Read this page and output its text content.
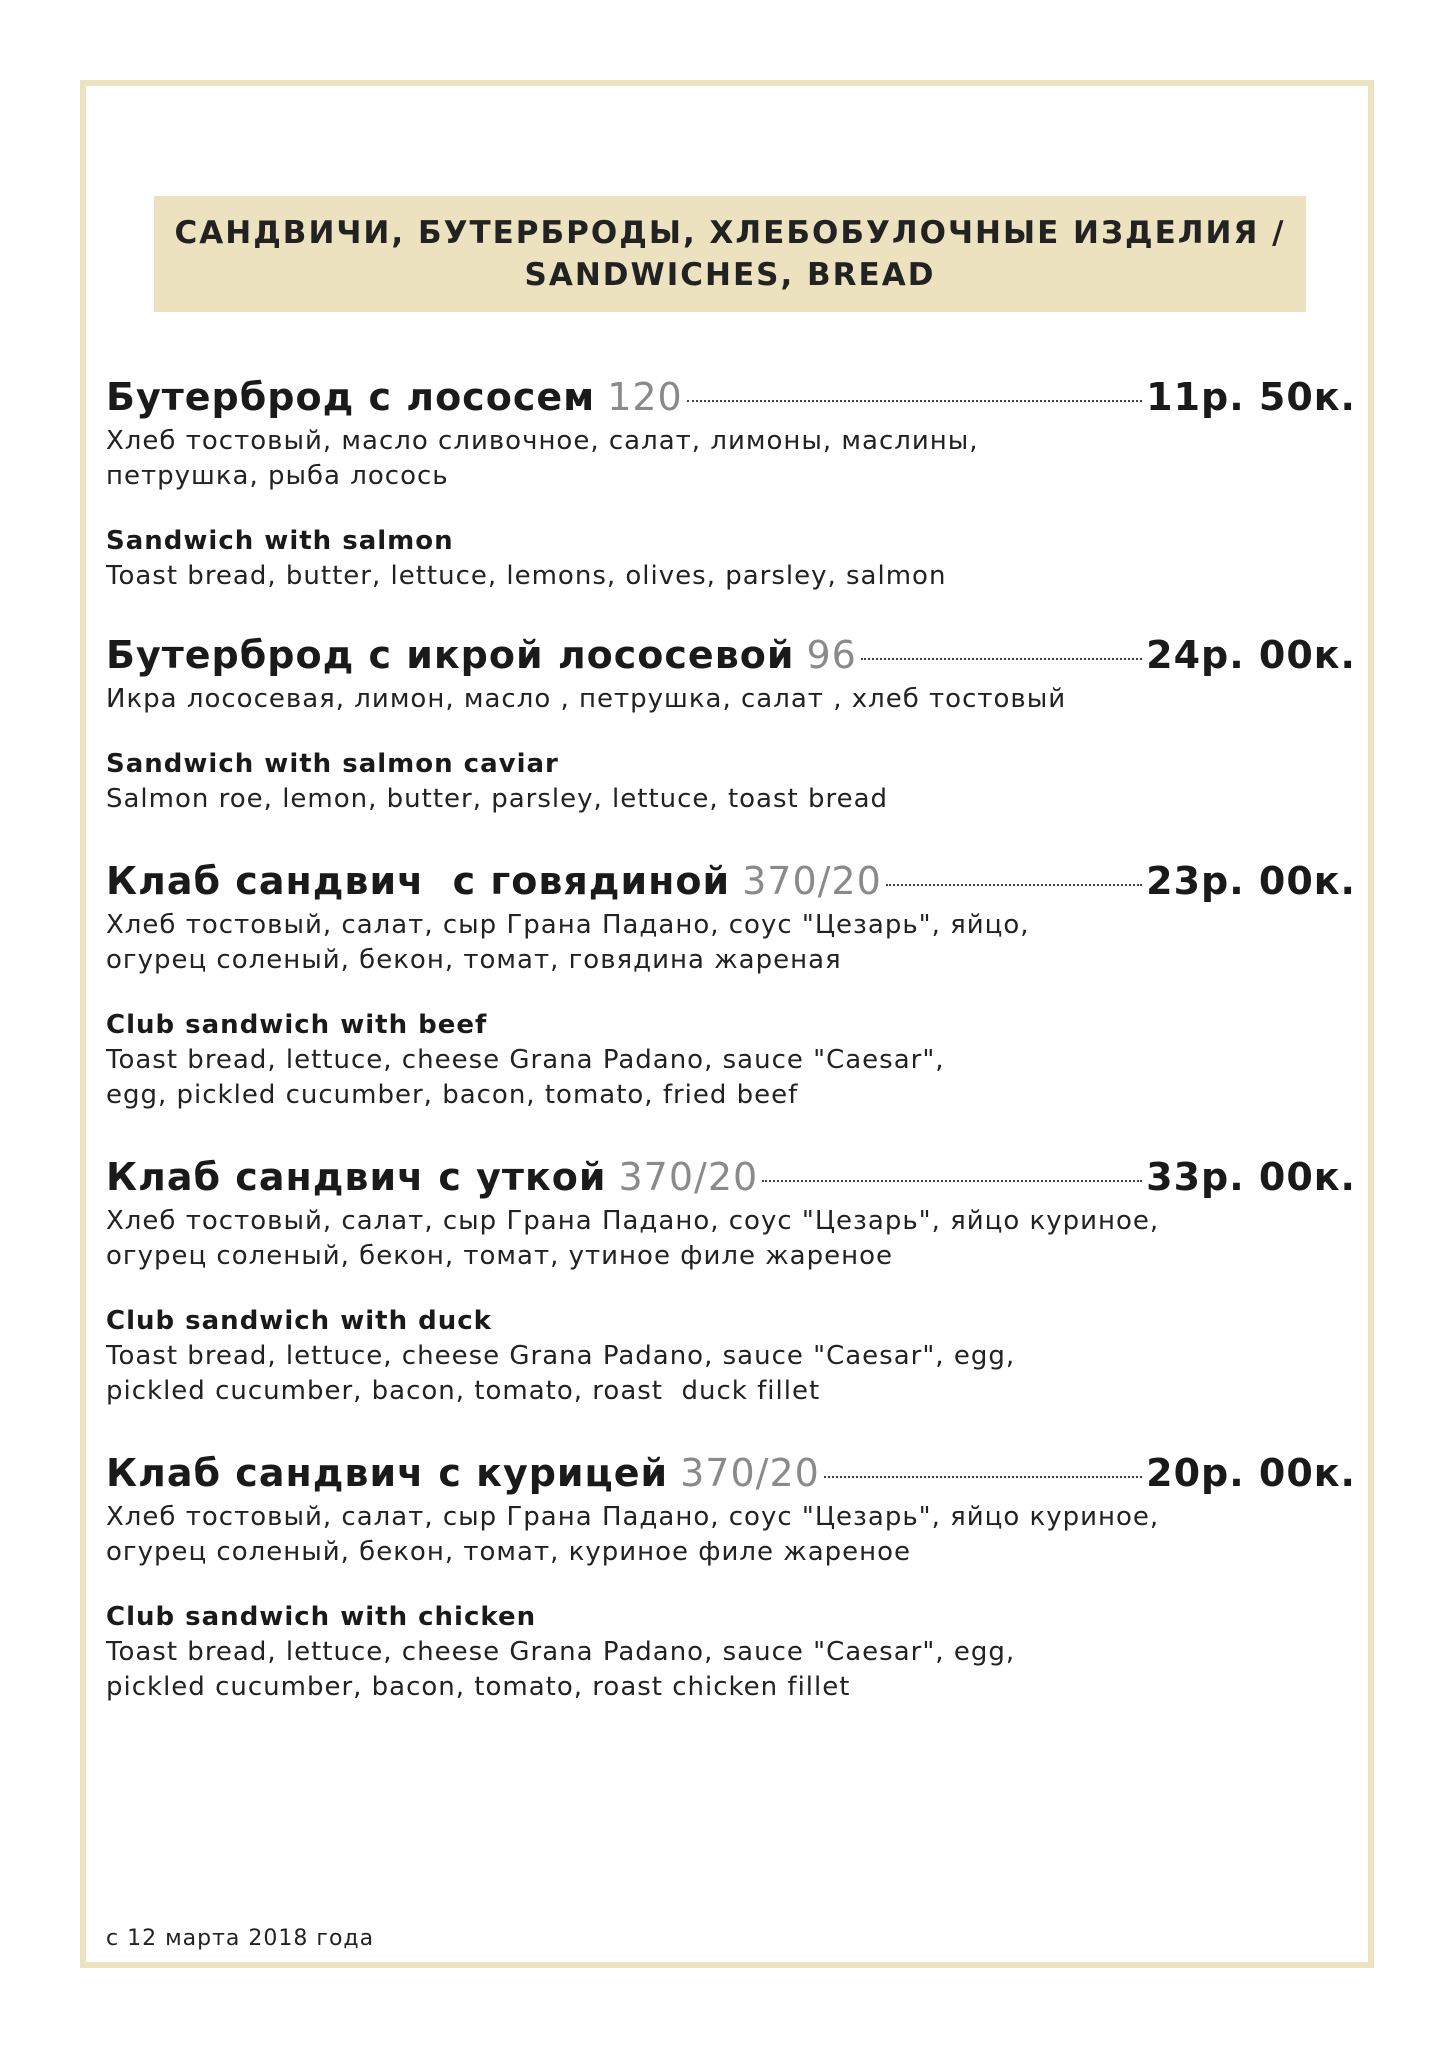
САНДВИЧИ, БУТЕРБРОДЫ, ХЛЕБОБУЛОЧНЫЕ ИЗДЕЛИЯ /
SANDWICHES, BREAD
Бутерброд с лососем 120	11р. 50к.
Хлеб тостовый, масло сливочное, салат, лимоны, маслины,
петрушка, рыба лосось
Sandwich with salmon
Toast bread, butter, lettuce, lemons, olives, parsley, salmon
Бутерброд с икрой лососевой 96	24р. 00к.
Икра лососевая, лимон, масло , петрушка, салат , хлеб тостовый
Sandwich with salmon caviar
Salmon roe, lemon, butter, parsley, lettuce, toast bread
Клаб сандвич  с говядиной 370/20	23р. 00к.
Хлеб тостовый, салат, сыр Грана Падано, соус "Цезарь", яйцо,
огурец соленый, бекон, томат, говядина жареная
Club sandwich with beef
Toast bread, lettuce, cheese Grana Padano, sauce "Caesar",
egg, pickled cucumber, bacon, tomato, fried beef
Клаб сандвич с уткой 370/20	33р. 00к.
Хлеб тостовый, салат, сыр Грана Падано, соус "Цезарь", яйцо куриное,
огурец соленый, бекон, томат, утиное филе жареное
Club sandwich with duck
Toast bread, lettuce, cheese Grana Padano, sauce "Caesar", egg,
pickled cucumber, bacon, tomato, roast  duck fillet
Клаб сандвич с курицей 370/20	20р. 00к.
Хлеб тостовый, салат, сыр Грана Падано, соус "Цезарь", яйцо куриное,
огурец соленый, бекон, томат, куриное филе жареное
Club sandwich with chicken
Toast bread, lettuce, cheese Grana Padano, sauce "Caesar", egg,
pickled cucumber, bacon, tomato, roast chicken fillet
с 12 марта 2018 года
